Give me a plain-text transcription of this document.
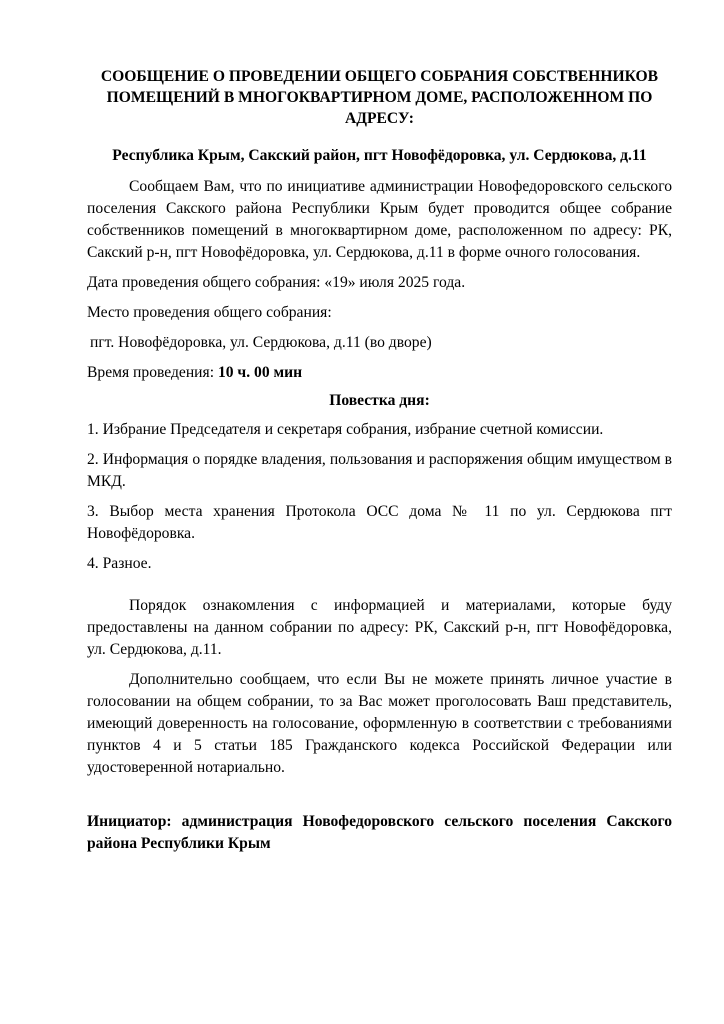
СООБЩЕНИЕ О ПРОВЕДЕНИИ ОБЩЕГО СОБРАНИЯ СОБСТВЕННИКОВ ПОМЕЩЕНИЙ В МНОГОКВАРТИРНОМ ДОМЕ, РАСПОЛОЖЕННОМ ПО АДРЕСУ:

Республика Крым, Сакский район, пгт Новофёдоровка, ул. Сердюкова, д.11

Сообщаем Вам, что по инициативе администрации Новофедоровского сельского поселения Сакского района Республики Крым будет проводится общее собрание собственников помещений в многоквартирном доме, расположенном по адресу: РК, Сакский р-н, пгт Новофёдоровка, ул. Сердюкова, д.11 в форме очного голосования.

Дата проведения общего собрания: «19» июля 2025 года.

Место проведения общего собрания:

пгт. Новофёдоровка, ул. Сердюкова, д.11 (во дворе)

Время проведения: 10 ч. 00 мин

Повестка дня:

1. Избрание Председателя и секретаря собрания, избрание счетной комиссии.

2. Информация о порядке владения, пользования и распоряжения общим имуществом в МКД.

3. Выбор места хранения Протокола ОСС дома № 11 по ул. Сердюкова пгт Новофёдоровка.

4. Разное.

Порядок ознакомления с информацией и материалами, которые буду предоставлены на данном собрании по адресу: РК, Сакский р-н, пгт Новофёдоровка, ул. Сердюкова, д.11.

Дополнительно сообщаем, что если Вы не можете принять личное участие в голосовании на общем собрании, то за Вас может проголосовать Ваш представитель, имеющий доверенность на голосование, оформленную в соответствии с требованиями пунктов 4 и 5 статьи 185 Гражданского кодекса Российской Федерации или удостоверенной нотариально.

Инициатор: администрация Новофедоровского сельского поселения Сакского района Республики Крым
